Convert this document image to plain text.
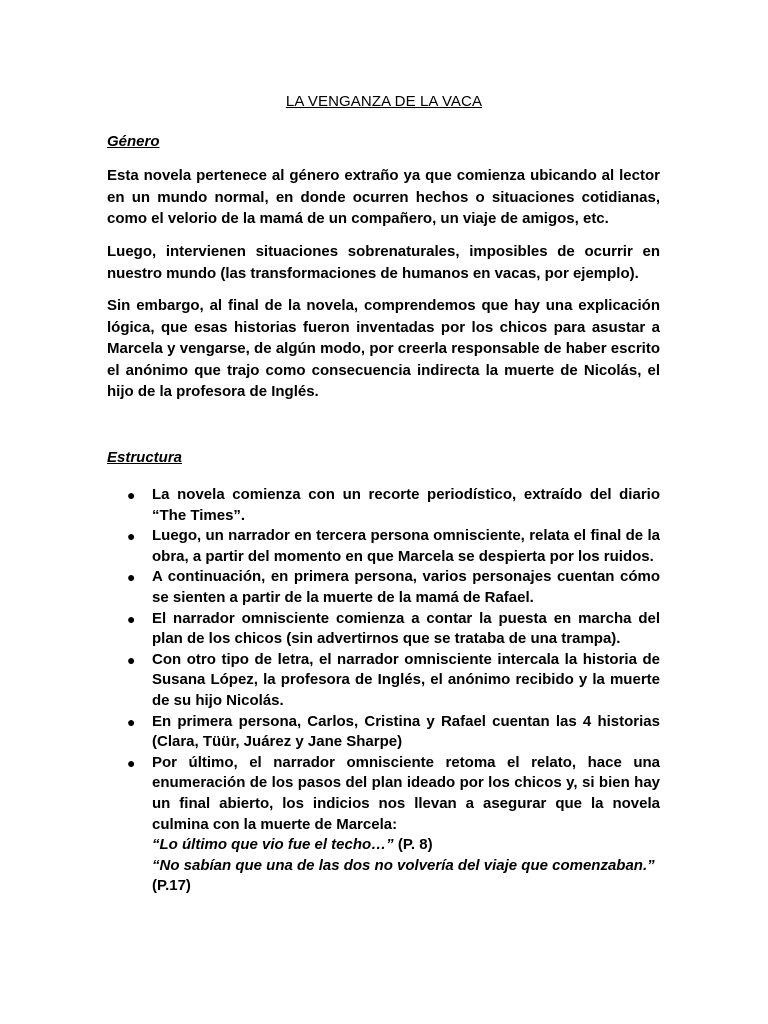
LA VENGANZA DE LA VACA
Género

Esta novela pertenece al género extraño ya que comienza ubicando al lector en un mundo normal, en donde ocurren hechos o situaciones cotidianas, como el velorio de la mamá de un compañero, un viaje de amigos, etc.

Luego, intervienen situaciones sobrenaturales, imposibles de ocurrir en nuestro mundo (las transformaciones de humanos en vacas, por ejemplo).

Sin embargo, al final de la novela, comprendemos que hay una explicación lógica, que esas historias fueron inventadas por los chicos para asustar a Marcela y vengarse, de algún modo, por creerla responsable de haber escrito el anónimo que trajo como consecuencia indirecta la muerte de Nicolás, el hijo de la profesora de Inglés.

Estructura
● La novela comienza con un recorte periodístico, extraído del diario “The Times”.
● Luego, un narrador en tercera persona omnisciente, relata el final de la obra, a partir del momento en que Marcela se despierta por los ruidos.
● A continuación, en primera persona, varios personajes cuentan cómo se sienten a partir de la muerte de la mamá de Rafael.
● El narrador omnisciente comienza a contar la puesta en marcha del plan de los chicos (sin advertirnos que se trataba de una trampa).
● Con otro tipo de letra, el narrador omnisciente intercala la historia de Susana López, la profesora de Inglés, el anónimo recibido y la muerte de su hijo Nicolás.
● En primera persona, Carlos, Cristina y Rafael cuentan las 4 historias (Clara, Tüür, Juárez y Jane Sharpe)
● Por último, el narrador omnisciente retoma el relato, hace una enumeración de los pasos del plan ideado por los chicos y, si bien hay un final abierto, los indicios nos llevan a asegurar que la novela culmina con la muerte de Marcela:
“Lo último que vio fue el techo…” (P. 8)
“No sabían que una de las dos no volvería del viaje que comenzaban.”
(P.17)
